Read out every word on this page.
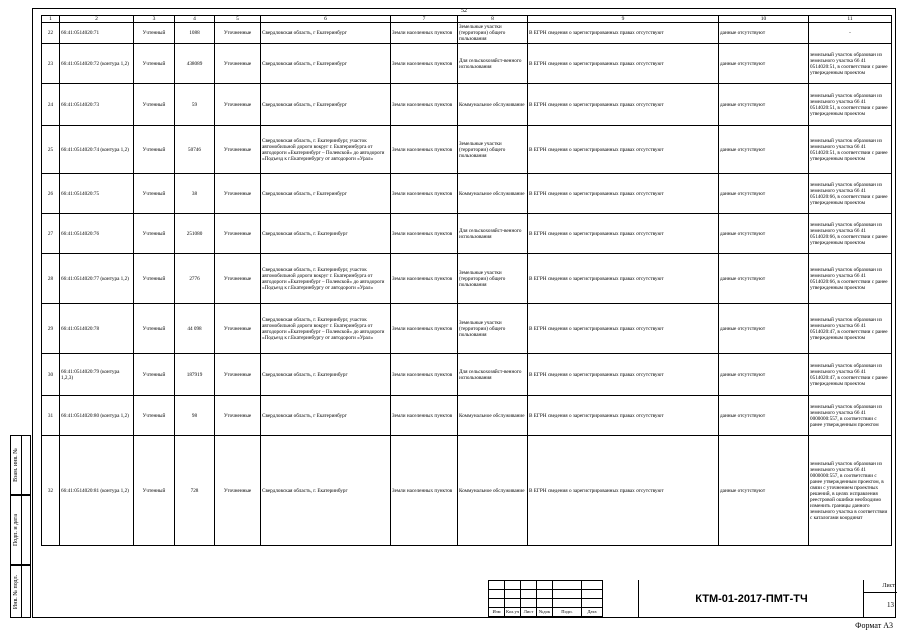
52
1	2	3	4	5	6	7	8	9	10	11
22	66:41:0514020:71	Учтенный	1088	Уточненные	Свердловская область, г Екатеринбург	Земли населенных пунктов	Земельные участки (территории) общего пользования	В ЕГРН сведения о зарегистрированных правах отсутствуют	данные отсутствуют	-
23	66:41:0514020:72 (контура 1,2)	Учтенный	438089	Уточненные	Свердловская область, г Екатеринбург	Земли населенных пунктов	Для сельскохозяйст-венного использования	В ЕГРН сведения о зарегистрированных правах отсутствуют	данные отсутствуют	земельный участок образован из земельного участка 66 41 0514020:51, в соответствии с ранее утвержденным проектом
24	66:41:0514020:73	Учтенный	59	Уточненные	Свердловская область, г Екатеринбург	Земли населенных пунктов	Коммунальное обслуживание	В ЕГРН сведения о зарегистрированных правах отсутствуют	данные отсутствуют	земельный участок образован из земельного участка 66 41 0514020:51, в соответствии с ранее утвержденным проектом
25	66:41:0514020:74 (контура 1,2)	Учтенный	50746	Уточненные	Свердловская область, г. Екатеринбург, участок автомобильной дороги вокруг г. Екатеринбурга от автодороги «Екатеринбург – Полевской» до автодороги «Подъезд к г.Екатеринбургу от автодороги «Урал»	Земли населенных пунктов	Земельные участки (территории) общего пользования	В ЕГРН сведения о зарегистрированных правах отсутствуют	данные отсутствуют	земельный участок образован из земельного участка 66 41 0514020:51, в соответствии с ранее утвержденным проектом
26	66:41:0514020:75	Учтенный	38	Уточненные	Свердловская область, г Екатеринбург	Земли населенных пунктов	Коммунальное обслуживание	В ЕГРН сведения о зарегистрированных правах отсутствуют	данные отсутствуют	земельный участок образован из земельного участка 66 41 0514020:66, в соответствии с ранее утвержденным проектом
27	66:41:0514020:76	Учтенный	251080	Уточненные	Свердловская область, г. Екатеринбург	Земли населенных пунктов	Для сельскохозяйст-венного использования	В ЕГРН сведения о зарегистрированных правах отсутствуют	данные отсутствуют	земельный участок образован из земельного участка 66 41 0514020:66, в соответствии с ранее утвержденным проектом
28	66:41:0514020:77 (контура 1,2)	Учтенный	2776	Уточненные	Свердловская область, г. Екатеринбург, участок автомобильной дороги вокруг г. Екатеринбурга от автодороги «Екатеринбург – Полевской» до автодороги «Подъезд к г.Екатеринбургу от автодороги «Урал»	Земли населенных пунктов	Земельные участки (территории) общего пользования	В ЕГРН сведения о зарегистрированных правах отсутствуют	данные отсутствуют	земельный участок образован из земельного участка 66 41 0514020:66, в соответствии с ранее утвержденным проектом
29	66:41:0514020:78	Учтенный	44 098	Уточненные	Свердловская область, г. Екатеринбург, участок автомобильной дороги вокруг г. Екатеринбурга от автодороги «Екатеринбург – Полевской» до автодороги «Подъезд к г.Екатеринбургу от автодороги «Урал»	Земли населенных пунктов	Земельные участки (территории) общего пользования	В ЕГРН сведения о зарегистрированных правах отсутствуют	данные отсутствуют	земельный участок образован из земельного участка 66 41 0514020:47, в соответствии с ранее утвержденным проектом
30	66:41:0514020:79 (контура 1,2,3)	Учтенный	187919	Уточненные	Свердловская область, г. Екатеринбург	Земли населенных пунктов	Для сельскохозяйст-венного использования	В ЕГРН сведения о зарегистрированных правах отсутствуют	данные отсутствуют	земельный участок образован из земельного участка 66 41 0514020:47, в соответствии с ранее утвержденным проектом
31	66:41:0514020:80 (контура 1,2)	Учтенный	98	Уточненные	Свердловская область, г Екатеринбург	Земли населенных пунктов	Коммунальное обслуживание	В ЕГРН сведения о зарегистрированных правах отсутствуют	данные отсутствуют	земельный участок образован из земельного участка 66 41 0000000:557, в соответствии с ранее утвержденным проектом
32	66:41:0514020:81 (контура 1,2)	Учтенный	728	Уточненные	Свердловская область, г. Екатеринбург	Земли населенных пунктов	Коммунальное обслуживание	В ЕГРН сведения о зарегистрированных правах отсутствуют	данные отсутствуют	земельный участок образован из земельного участка 66 41 0000000:557, в соответствии с ранее утвержденным проектом, в связи с уточнением проектных решений, в целях исправления реестровой ошибки необходимо изменить границы данного земельного участка в соответствии с каталогами координат
Взам. инв. №
Подп. и дата
Инв. № подл.

Изм	Кол.уч	Лист	№док	Подп.	Дата
КТМ-01-2017-ПМТ-ТЧ
Лист
13
Формат А3
